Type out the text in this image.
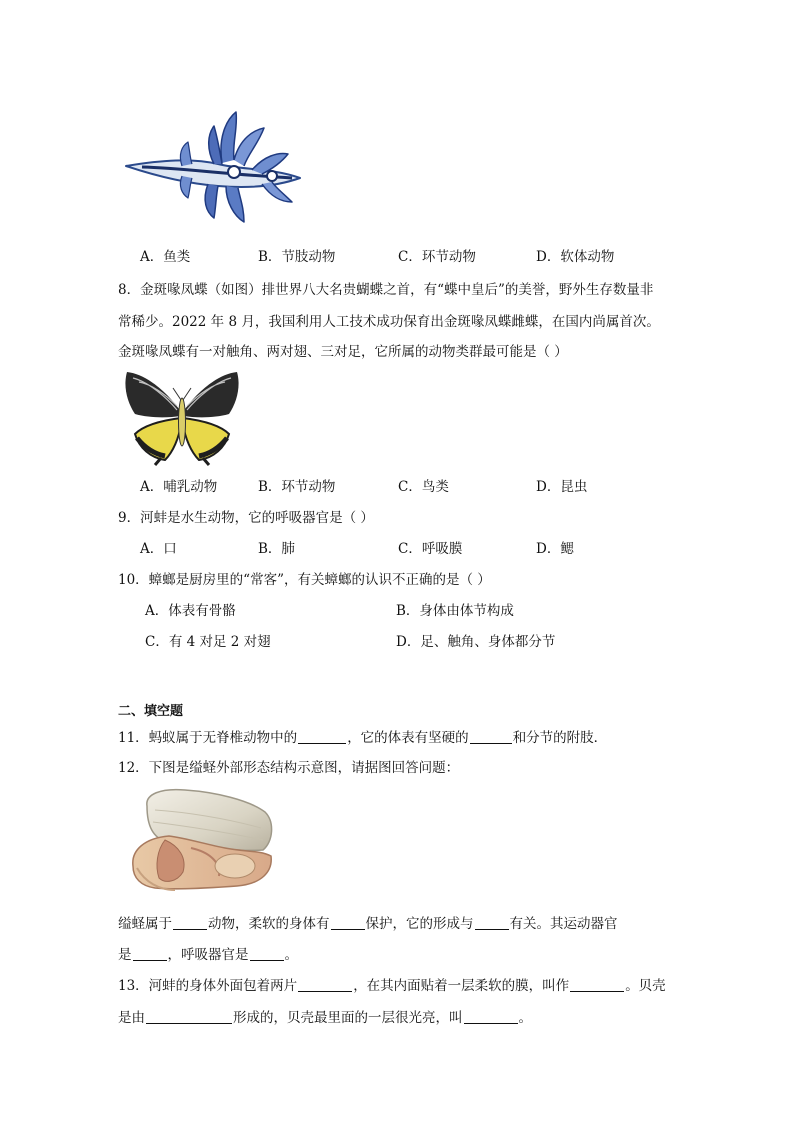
A．鱼类	B．节肢动物	C．环节动物	D．软体动物
8．金斑喙凤蝶（如图）排世界八大名贵蝴蝶之首，有“蝶中皇后”的美誉，野外生存数量非
常稀少。2022 年 8 月，我国利用人工技术成功保育出金斑喙凤蝶雌蝶，在国内尚属首次。
金斑喙凤蝶有一对触角、两对翅、三对足，它所属的动物类群最可能是（ ）
A．哺乳动物	B．环节动物	C．鸟类	D．昆虫
9．河蚌是水生动物，它的呼吸器官是（ ）
A．口	B．肺	C．呼吸膜	D．鳃
10．蟑螂是厨房里的“常客”，有关蟑螂的认识不正确的是（ ）
A．体表有骨骼	B．身体由体节构成
C．有 4 对足 2 对翅	D．足、触角、身体都分节
二、填空题
11．蚂蚁属于无脊椎动物中的	，它的体表有坚硬的	和分节的附肢．
12．下图是缢蛏外部形态结构示意图，请据图回答问题：
缢蛏属于	动物，柔软的身体有	保护，它的形成与	有关。其运动器官
是	，呼吸器官是	。
13．河蚌的身体外面包着两片	，在其内面贴着一层柔软的膜，叫作	。贝壳
是由	形成的，贝壳最里面的一层很光亮，叫	。
